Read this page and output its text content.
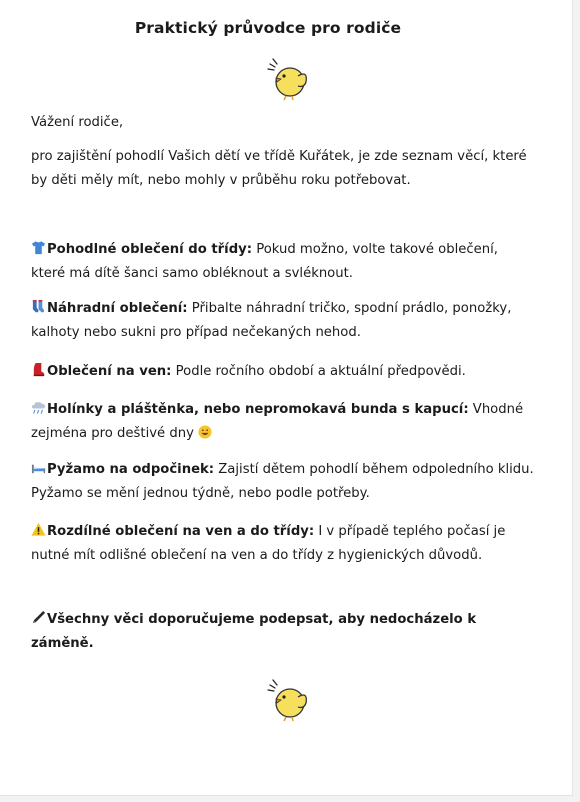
Praktický průvodce pro rodiče
Vážení rodiče,
pro zajištění pohodlí Vašich dětí ve třídě Kuřátek, je zde seznam věcí, které by děti měly mít, nebo mohly v průběhu roku potřebovat.
Pohodlné oblečení do třídy: Pokud možno, volte takové oblečení, které má dítě šanci samo obléknout a svléknout.
Náhradní oblečení: Přibalte náhradní tričko, spodní prádlo, ponožky, kalhoty nebo sukni pro případ nečekaných nehod.
Oblečení na ven: Podle ročního období a aktuální předpovědi.
Holínky a pláštěnka, nebo nepromokavá bunda s kapucí: Vhodné zejména pro deštivé dny
Pyžamo na odpočinek: Zajistí dětem pohodlí během odpoledního klidu. Pyžamo se mění jednou týdně, nebo podle potřeby.
Rozdílné oblečení na ven a do třídy: I v případě teplého počasí je nutné mít odlišné oblečení na ven a do třídy z hygienických důvodů.
Všechny věci doporučujeme podepsat, aby nedocházelo k záměně.
